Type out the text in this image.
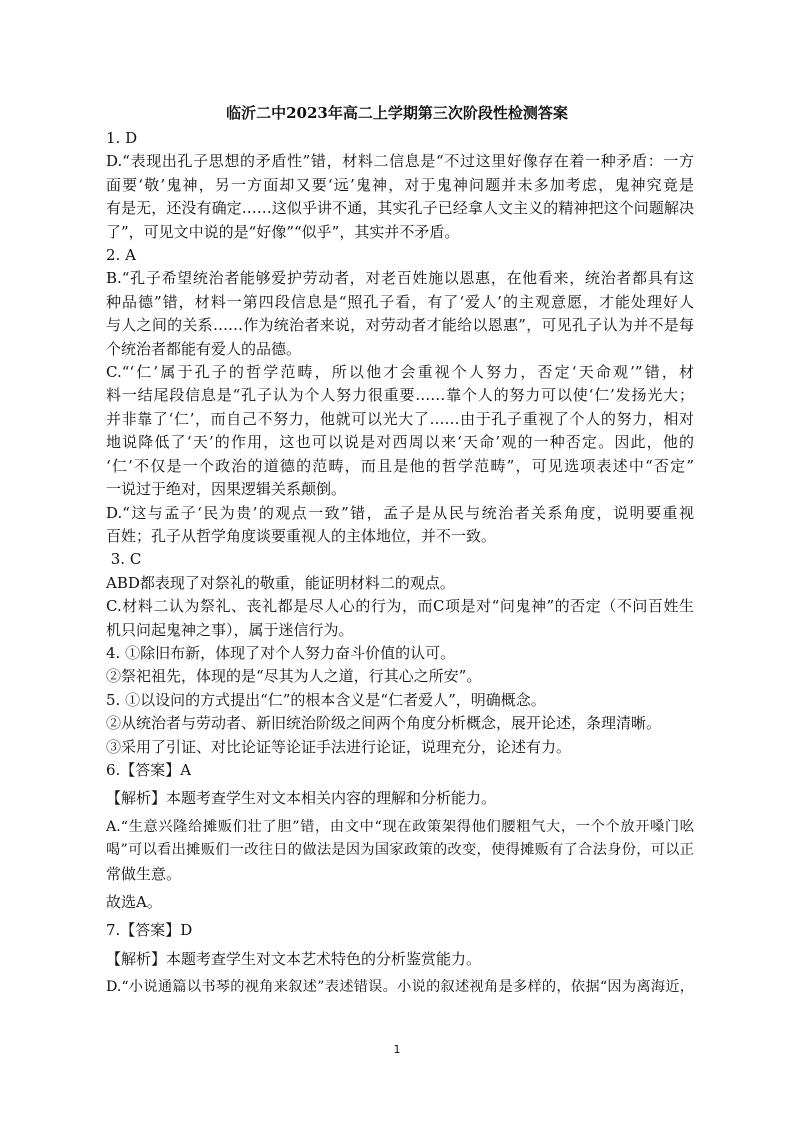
临沂二中2023年高二上学期第三次阶段性检测答案
1. D
D.“表现出孔子思想的矛盾性”错，材料二信息是“不过这里好像存在着一种矛盾：一方
面要‘敬’鬼神，另一方面却又要‘远’鬼神，对于鬼神问题并未多加考虑，鬼神究竟是
有是无，还没有确定……这似乎讲不通，其实孔子已经拿人文主义的精神把这个问题解决
了”，可见文中说的是“好像”“似乎”，其实并不矛盾。
2. A
B.“孔子希望统治者能够爱护劳动者，对老百姓施以恩惠，在他看来，统治者都具有这
种品德”错，材料一第四段信息是“照孔子看，有了‘爱人’的主观意愿，才能处理好人
与人之间的关系……作为统治者来说，对劳动者才能给以恩惠”，可见孔子认为并不是每
个统治者都能有爱人的品德。
C.“‘仁’属于孔子的哲学范畴，所以他才会重视个人努力，否定‘天命观’”错，材
料一结尾段信息是“孔子认为个人努力很重要……靠个人的努力可以使‘仁’发扬光大；
并非靠了‘仁’，而自己不努力，他就可以光大了……由于孔子重视了个人的努力，相对
地说降低了‘天’的作用，这也可以说是对西周以来‘天命’观的一种否定。因此，他的
‘仁’不仅是一个政治的道德的范畴，而且是他的哲学范畴”，可见选项表述中“否定”
一说过于绝对，因果逻辑关系颠倒。
D.“这与孟子‘民为贵’的观点一致”错，孟子是从民与统治者关系角度，说明要重视
百姓；孔子从哲学角度谈要重视人的主体地位，并不一致。
3. C
ABD都表现了对祭礼的敬重，能证明材料二的观点。
C.材料二认为祭礼、丧礼都是尽人心的行为，而C项是对“问鬼神”的否定（不问百姓生
机只问起鬼神之事），属于迷信行为。
4. ①除旧布新，体现了对个人努力奋斗价值的认可。
②祭祀祖先，体现的是“尽其为人之道，行其心之所安”。
5. ①以设问的方式提出“仁”的根本含义是“仁者爱人”，明确概念。
②从统治者与劳动者、新旧统治阶级之间两个角度分析概念，展开论述，条理清晰。
③采用了引证、对比论证等论证手法进行论证，说理充分，论述有力。
6.【答案】A
【解析】本题考查学生对文本相关内容的理解和分析能力。
A.“生意兴隆给摊贩们壮了胆”错，由文中“现在政策架得他们腰粗气大，一个个放开嗓门吆
喝”可以看出摊贩们一改往日的做法是因为国家政策的改变，使得摊贩有了合法身份，可以正
常做生意。
故选A。
7.【答案】D
【解析】本题考查学生对文本艺术特色的分析鉴赏能力。
D.“小说通篇以书琴的视角来叙述”表述错误。小说的叙述视角是多样的，依据“因为离海近，
1
